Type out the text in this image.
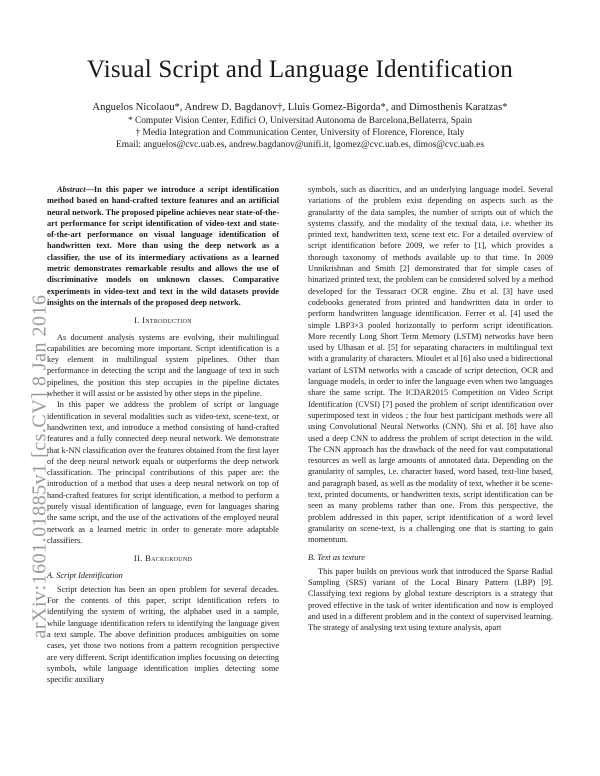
arXiv:1601.01885v1 [cs.CV] 8 Jan 2016
Visual Script and Language Identification
Anguelos Nicolaou*, Andrew D. Bagdanov†, Lluis Gomez-Bigorda*, and Dimosthenis Karatzas*
* Computer Vision Center, Edifici O, Universitad Autonoma de Barcelona,Bellaterra, Spain
† Media Integration and Communication Center, University of Florence, Florence, Italy
Email: anguelos@cvc.uab.es, andrew.bagdanov@unifi.it, lgomez@cvc.uab.es, dimos@cvc.uab.es

Abstract—In this paper we introduce a script identification method based on hand-crafted texture features and an artificial neural network. The proposed pipeline achieves near state-of-the-art performance for script identification of video-text and state-of-the-art performance on visual language identification of handwritten text. More than using the deep network as a classifier, the use of its intermediary activations as a learned metric demonstrates remarkable results and allows the use of discriminative models on unknown classes. Comparative experiments in video-text and text in the wild datasets provide insights on the internals of the proposed deep network.

I. Introduction

As document analysis systems are evolving, their multilingual capabilities are becoming more important. Script identification is a key element in multilingual system pipelines. Other than performance in detecting the script and the language of text in such pipelines, the position this step occupies in the pipeline dictates whether it will assist or be assisted by other steps in the pipeline.

In this paper we address the problem of script or language identification in several modalities such as video-text, scene-text, or handwritten text, and introduce a method consisting of hand-crafted features and a fully connected deep neural network. We demonstrate that k-NN classification over the features obtained from the first layer of the deep neural network equals or outperforms the deep network classification. The principal contributions of this paper are: the introduction of a method that uses a deep neural network on top of hand-crafted features for script identification, a method to perform a purely visual identification of language, even for languages sharing the same script, and the use of the activations of the employed neural network as a learned metric in order to generate more adaptable classifiers.

II. Background
A. Script Identification

Script detection has been an open problem for several decades. For the contents of this paper, script identification refers to identifying the system of writing, the alphabet used in a sample, while language identification refers to identifying the language given a text sample. The above definition produces ambiguities on some cases, yet those two notions from a pattern recognition perspective are very different. Script identification implies focussing on detecting symbols, while language identification implies detecting some specific auxiliary

symbols, such as diacritics, and an underlying language model. Several variations of the problem exist depending on aspects such as the granularity of the data samples, the number of scripts out of which the systems classify, and the modality of the textual data, i.e. whether its printed text, handwritten text, scene text etc. For a detailed overview of script identification before 2009, we refer to [1], which provides a thorough taxonomy of methods available up to that time. In 2009 Unnikrishnan and Smith [2] demonstrated that for simple cases of binarized printed text, the problem can be considered solved by a method developed for the Tessaract OCR engine. Zhu et al. [3] have used codebooks generated from printed and handwritten data in order to perform handwritten language identification. Ferrer et al. [4] used the simple LBP3×3 pooled horizontally to perform script identification. More recently Long Short Term Memory (LSTM) networks have been used by Ulhasan et al. [5] for separating characters in multilingual text with a granularity of characters. Mioulet et al [6] also used a bidirectional variant of LSTM networks with a cascade of script detection, OCR and language models, in order to infer the language even when two languages share the same script. The ICDAR2015 Competition on Video Script Identification (CVSI) [7] posed the problem of script identification over superimposed text in videos ; the four best participant methods were all using Convolutional Neural Networks (CNN). Shi et al. [8] have also used a deep CNN to address the problem of script detection in the wild. The CNN approach has the drawback of the need for vast computational resources as well as large amounts of annotated data. Depending on the granularity of samples, i.e. character based, word based, text-line based, and paragraph based, as well as the modality of text, whether it be scene-text, printed documents, or handwritten texts, script identification can be seen as many problems rather than one. From this perspective, the problem addressed in this paper, script identification of a word level granularity on scene-text, is a challenging one that is starting to gain momentum.

B. Text as texture

This paper builds on previous work that introduced the Sparse Radial Sampling (SRS) variant of the Local Binary Pattern (LBP) [9]. Classifying text regions by global texture descriptors is a strategy that proved effective in the task of writer identification and now is employed and used in a different problem and in the context of supervised learning. The strategy of analysing text using texture analysis, apart
